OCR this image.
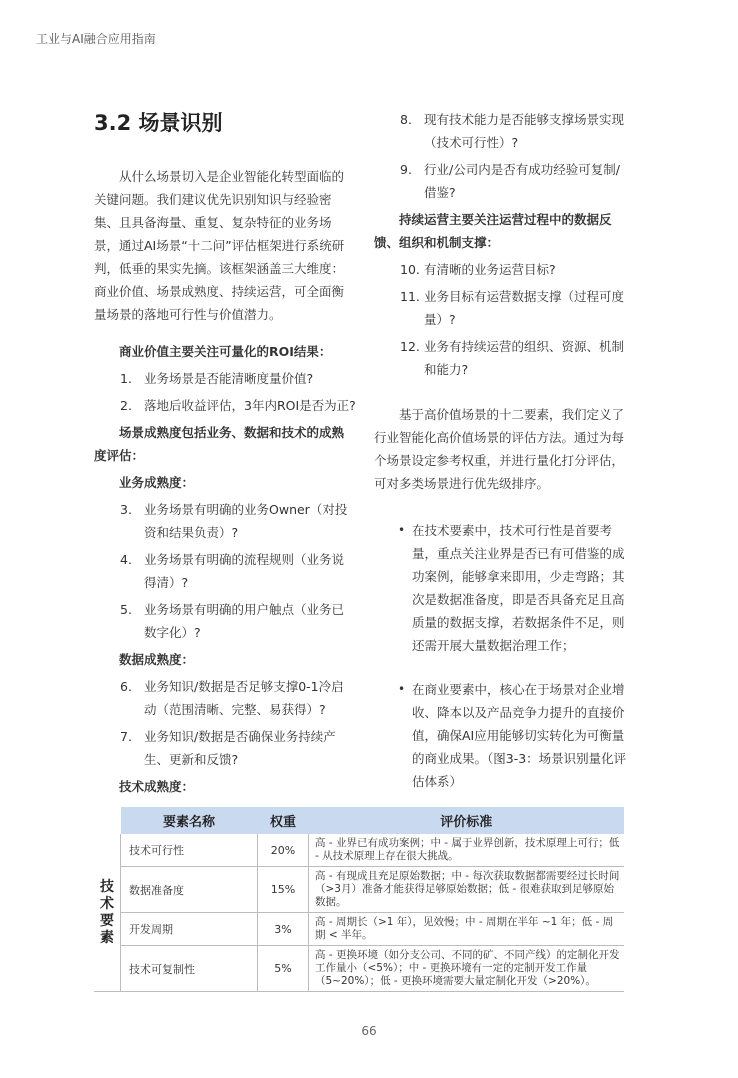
工业与AI融合应用指南
3.2 场景识别

从什么场景切入是企业智能化转型面临的关键问题。我们建议优先识别知识与经验密集、且具备海量、重复、复杂特征的业务场景，通过AI场景“十二问”评估框架进行系统研判，低垂的果实先摘。该框架涵盖三大维度：商业价值、场景成熟度、持续运营，可全面衡量场景的落地可行性与价值潜力。

商业价值主要关注可量化的ROI结果：

1. 业务场景是否能清晰度量价值?
2. 落地后收益评估，3年内ROI是否为正?

场景成熟度包括业务、数据和技术的成熟度评估：

业务成熟度：

3. 业务场景有明确的业务Owner（对投资和结果负责）?
4. 业务场景有明确的流程规则（业务说得清）?
5. 业务场景有明确的用户触点（业务已数字化）?

数据成熟度：

6. 业务知识/数据是否足够支撑0-1冷启动（范围清晰、完整、易获得）?
7. 业务知识/数据是否确保业务持续产生、更新和反馈?

技术成熟度：

8. 现有技术能力是否能够支撑场景实现（技术可行性）?
9. 行业/公司内是否有成功经验可复制/借鉴?

持续运营主要关注运营过程中的数据反馈、组织和机制支撑：

10. 有清晰的业务运营目标?
11. 业务目标有运营数据支撑（过程可度量）?
12. 业务有持续运营的组织、资源、机制和能力?

基于高价值场景的十二要素，我们定义了行业智能化高价值场景的评估方法。通过为每个场景设定参考权重，并进行量化打分评估，可对多类场景进行优先级排序。

• 在技术要素中，技术可行性是首要考量，重点关注业界是否已有可借鉴的成功案例，能够拿来即用，少走弯路；其次是数据准备度，即是否具备充足且高质量的数据支撑，若数据条件不足，则还需开展大量数据治理工作；
• 在商业要素中，核心在于场景对企业增收、降本以及产品竞争力提升的直接价值，确保AI应用能够切实转化为可衡量的商业成果。（图3-3：场景识别量化评估体系）
	要素名称	权重	评价标准
技术要素	技术可行性	20%	高 - 业界已有成功案例；中 - 属于业界创新，技术原理上可行；低 - 从技术原理上存在很大挑战。
	数据准备度	15%	高 - 有现成且充足原始数据；中 - 每次获取数据都需要经过长时间（>3月）准备才能获得足够原始数据；低 - 很难获取到足够原始数据。
	开发周期	3%	高 - 周期长（>1 年），见效慢；中 - 周期在半年 ~1 年；低 - 周期 < 半年。
	技术可复制性	5%	高 - 更换环境（如分支公司、不同的矿、不同产线）的定制化开发工作量小（<5%）；中 - 更换环境有一定的定制开发工作量（5~20%）；低 - 更换环境需要大量定制化开发（>20%）。
66
